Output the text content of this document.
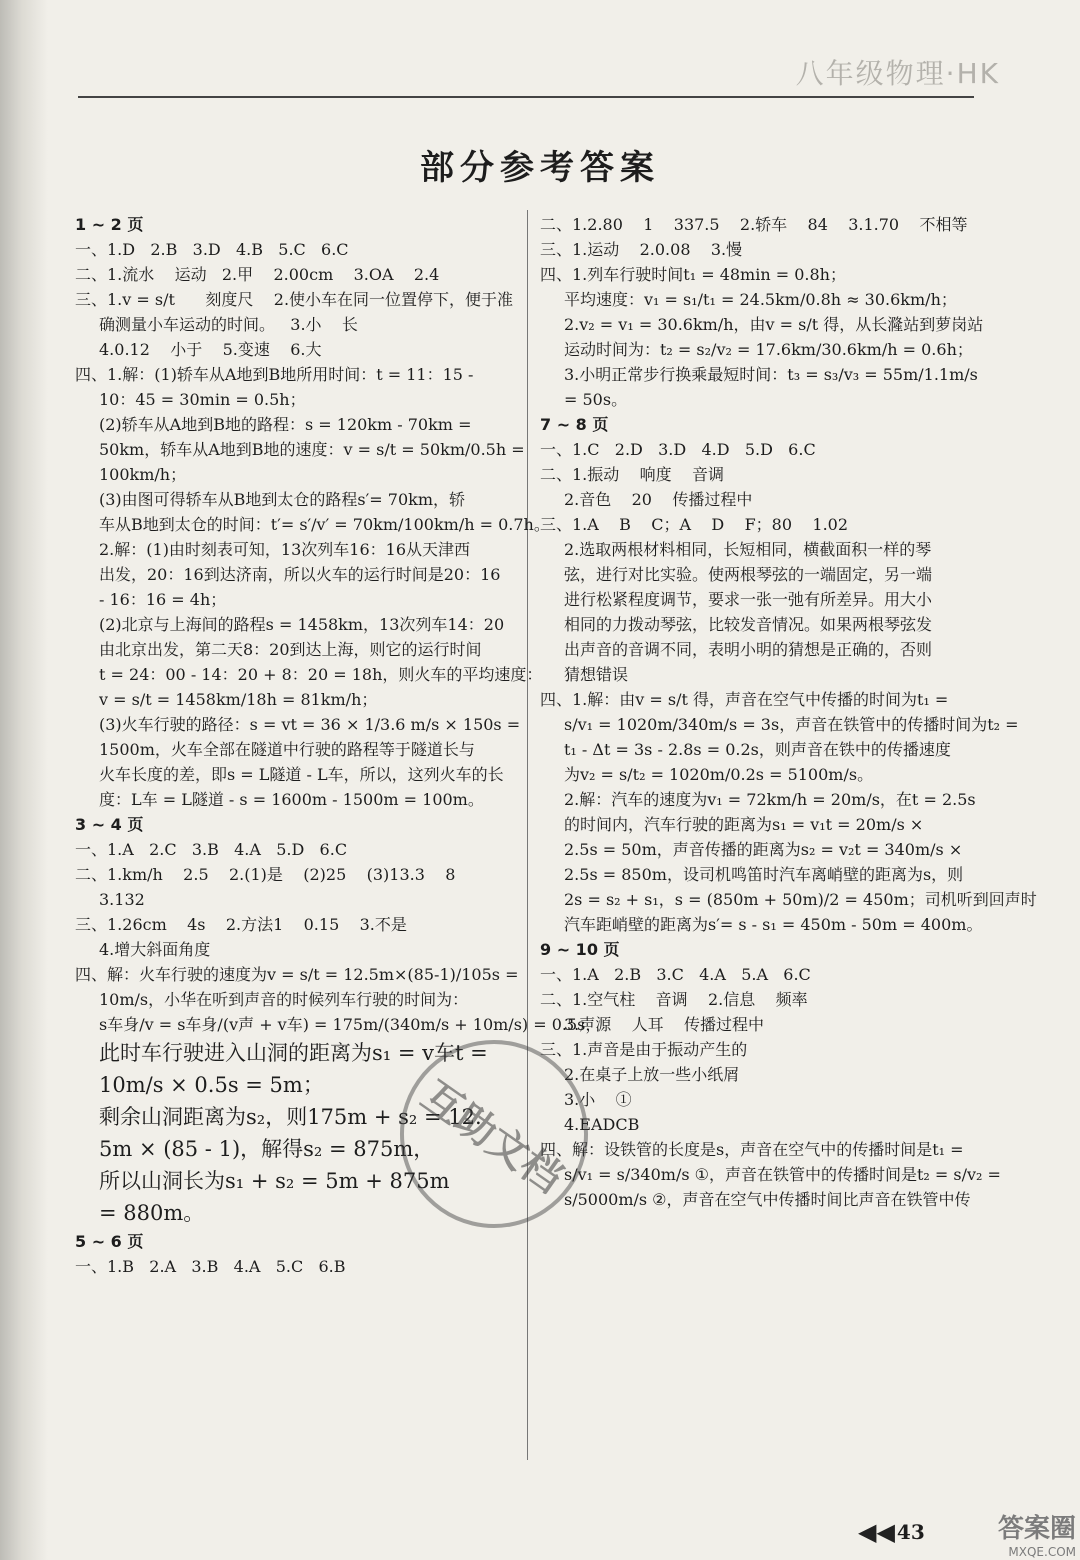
八年级物理·HK
部分参考答案
1 ~ 2 页
一、1.D   2.B   3.D   4.B   5.C   6.C
二、1.流水    运动   2.甲    2.00cm    3.OA    2.4
三、1.v = s/t      刻度尺    2.使小车在同一位置停下，便于准
确测量小车运动的时间。   3.小    长
4.0.12    小于    5.变速    6.大
四、1.解：(1)轿车从A地到B地所用时间：t = 11：15 -
10：45 = 30min = 0.5h；
(2)轿车从A地到B地的路程：s = 120km - 70km =
50km，轿车从A地到B地的速度：v = s/t = 50km/0.5h =
100km/h；
(3)由图可得轿车从B地到太仓的路程s′= 70km，轿
车从B地到太仓的时间：t′= s′/v′ = 70km/100km/h = 0.7h。
2.解：(1)由时刻表可知，13次列车16：16从天津西
出发，20：16到达济南，所以火车的运行时间是20：16
- 16：16 = 4h；
(2)北京与上海间的路程s = 1458km，13次列车14：20
由北京出发，第二天8：20到达上海，则它的运行时间
t = 24：00 - 14：20 + 8：20 = 18h，则火车的平均速度：
v = s/t = 1458km/18h = 81km/h；
(3)火车行驶的路径：s = vt = 36 × 1/3.6 m/s × 150s =
1500m，火车全部在隧道中行驶的路程等于隧道长与
火车长度的差，即s = L隧道 - L车，所以，这列火车的长
度：L车 = L隧道 - s = 1600m - 1500m = 100m。
3 ~ 4 页
一、1.A   2.C   3.B   4.A   5.D   6.C
二、1.km/h    2.5    2.(1)是    (2)25    (3)13.3    8
3.132
三、1.26cm    4s    2.方法1    0.15    3.不是
4.增大斜面角度
四、解：火车行驶的速度为v = s/t = 12.5m×(85-1)/105s =
10m/s，小华在听到声音的时候列车行驶的时间为：
s车身/v = s车身/(v声 + v车) = 175m/(340m/s + 10m/s) = 0.5s，
此时车行驶进入山洞的距离为s₁ = v车t =
10m/s × 0.5s = 5m；
剩余山洞距离为s₂，则175m + s₂ = 12.
5m × (85 - 1)，解得s₂ = 875m，
所以山洞长为s₁ + s₂ = 5m + 875m
= 880m。
5 ~ 6 页
一、1.B   2.A   3.B   4.A   5.C   6.B
二、1.2.80    1    337.5    2.轿车    84    3.1.70    不相等
三、1.运动    2.0.08    3.慢
四、1.列车行驶时间t₁ = 48min = 0.8h；
平均速度：v₁ = s₁/t₁ = 24.5km/0.8h ≈ 30.6km/h；
2.v₂ = v₁ = 30.6km/h，由v = s/t 得，从长漋站到萝岗站
运动时间为：t₂ = s₂/v₂ = 17.6km/30.6km/h = 0.6h；
3.小明正常步行换乘最短时间：t₃ = s₃/v₃ = 55m/1.1m/s
= 50s。
7 ~ 8 页
一、1.C   2.D   3.D   4.D   5.D   6.C
二、1.振动    响度    音调
2.音色    20    传播过程中
三、1.A    B    C；A    D    F；80    1.02
2.选取两根材料相同，长短相同，横截面积一样的琴
弦，进行对比实验。使两根琴弦的一端固定，另一端
进行松紧程度调节，要求一张一弛有所差异。用大小
相同的力拨动琴弦，比较发音情况。如果两根琴弦发
出声音的音调不同，表明小明的猜想是正确的，否则
猜想错误
四、1.解：由v = s/t 得，声音在空气中传播的时间为t₁ =
s/v₁ = 1020m/340m/s = 3s，声音在铁管中的传播时间为t₂ =
t₁ - Δt = 3s - 2.8s = 0.2s，则声音在铁中的传播速度
为v₂ = s/t₂ = 1020m/0.2s = 5100m/s。
2.解：汽车的速度为v₁ = 72km/h = 20m/s，在t = 2.5s
的时间内，汽车行驶的距离为s₁ = v₁t = 20m/s ×
2.5s = 50m，声音传播的距离为s₂ = v₂t = 340m/s ×
2.5s = 850m，设司机鸣笛时汽车离峭壁的距离为s，则
2s = s₂ + s₁，s = (850m + 50m)/2 = 450m；司机听到回声时
汽车距峭壁的距离为s′= s - s₁ = 450m - 50m = 400m。
9 ~ 10 页
一、1.A   2.B   3.C   4.A   5.A   6.C
二、1.空气柱    音调    2.信息    频率
3.声源    人耳    传播过程中
三、1.声音是由于振动产生的
2.在桌子上放一些小纸屑
3.小    ①
4.EADCB
四、解：设铁管的长度是s，声音在空气中的传播时间是t₁ =
s/v₁ = s/340m/s ①，声音在铁管中的传播时间是t₂ = s/v₂ =
s/5000m/s ②，声音在空气中传播时间比声音在铁管中传
互助文档
◀◀ 43	答案圈
MXQE.COM
